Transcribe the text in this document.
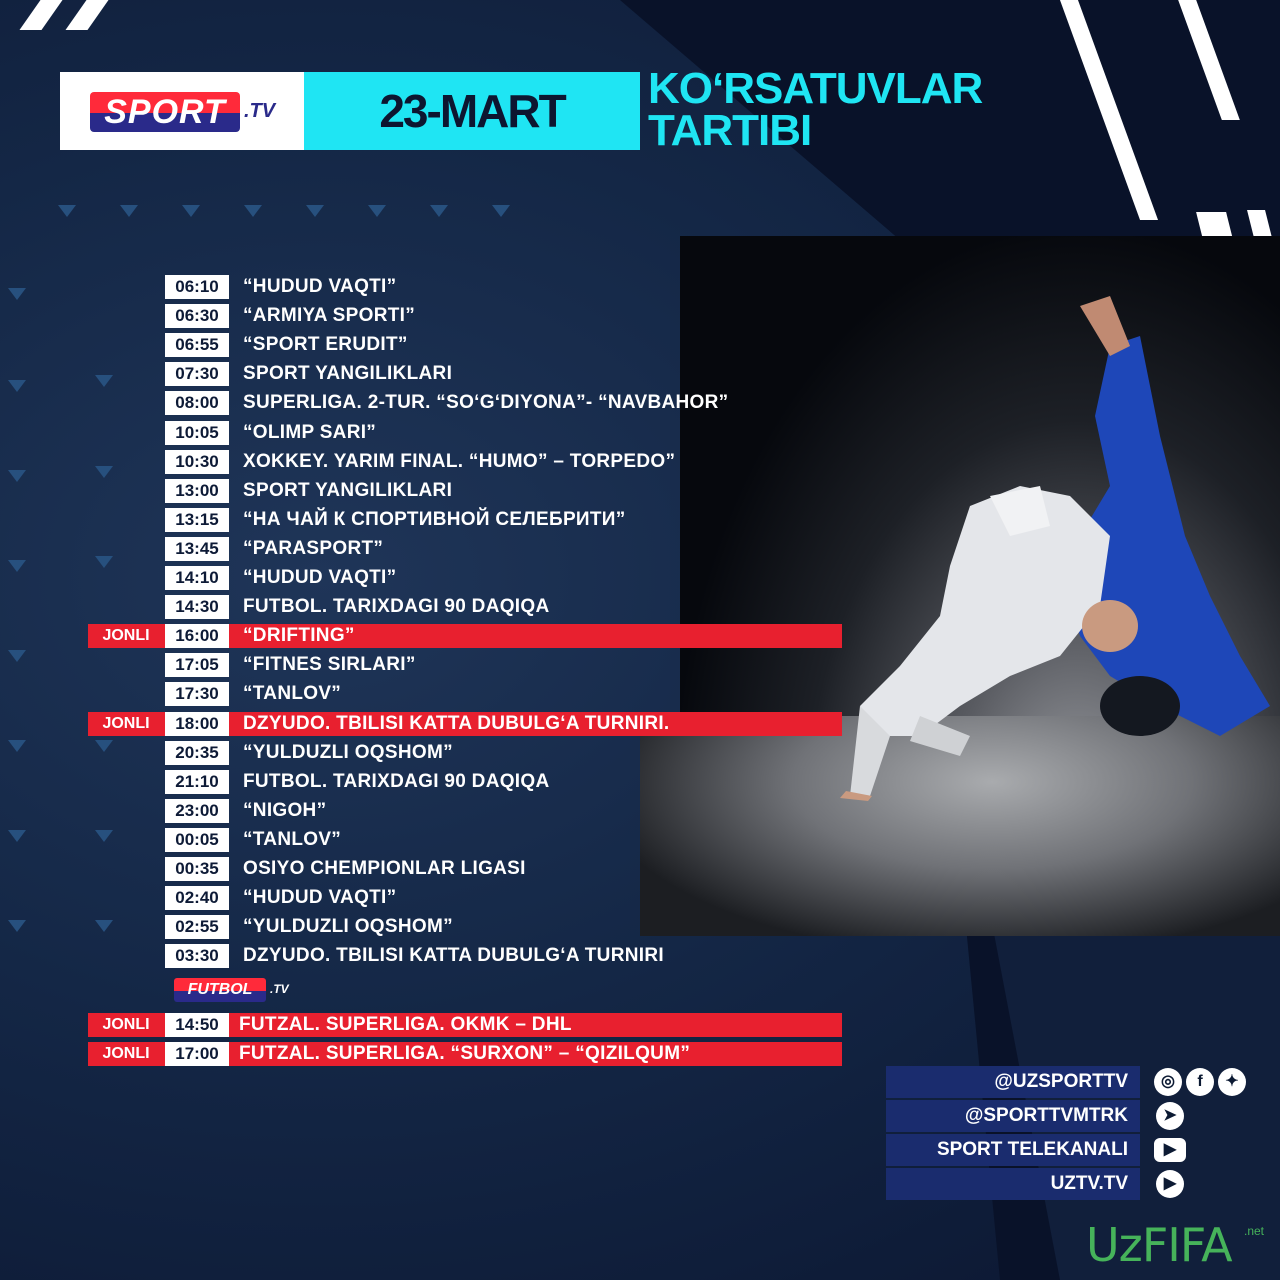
SPORT .TV	23-MART	KO‘RSATUVLAR
TARTIBI
06:10	“HUDUD VAQTI”
06:30	“ARMIYA SPORTI”
06:55	“SPORT ERUDIT”
07:30	SPORT YANGILIKLARI
08:00	SUPERLIGA. 2-TUR. “SO‘G‘DIYONA”- “NAVBAHOR”
10:05	“OLIMP SARI”
10:30	XOKKEY. YARIM FINAL. “HUMO” – TORPEDO”
13:00	SPORT YANGILIKLARI
13:15	“НА ЧАЙ К СПОРТИВНОЙ СЕЛЕБРИТИ”
13:45	“PARASPORT”
14:10	“HUDUD VAQTI”
14:30	FUTBOL. TARIXDAGI 90 DAQIQA
JONLI	16:00	“DRIFTING”
17:05	“FITNES SIRLARI”
17:30	“TANLOV”
JONLI	18:00	DZYUDO. TBILISI KATTA DUBULG‘A TURNIRI.
20:35	“YULDUZLI OQSHOM”
21:10	FUTBOL. TARIXDAGI 90 DAQIQA
23:00	“NIGOH”
00:05	“TANLOV”
00:35	OSIYO CHEMPIONLAR LIGASI
02:40	“HUDUD VAQTI”
02:55	“YULDUZLI OQSHOM”
03:30	DZYUDO. TBILISI KATTA DUBULG‘A TURNIRI
FUTBOL	.TV
JONLI	14:50	FUTZAL. SUPERLIGA. OKMK – DHL
JONLI	17:00	FUTZAL. SUPERLIGA. “SURXON” – “QIZILQUM”
@UZSPORTTV	◎	f	✦
@SPORTTVMTRK	➤
SPORT TELEKANALI	▶
UZTV.TV	▶
UzFIFA .net
